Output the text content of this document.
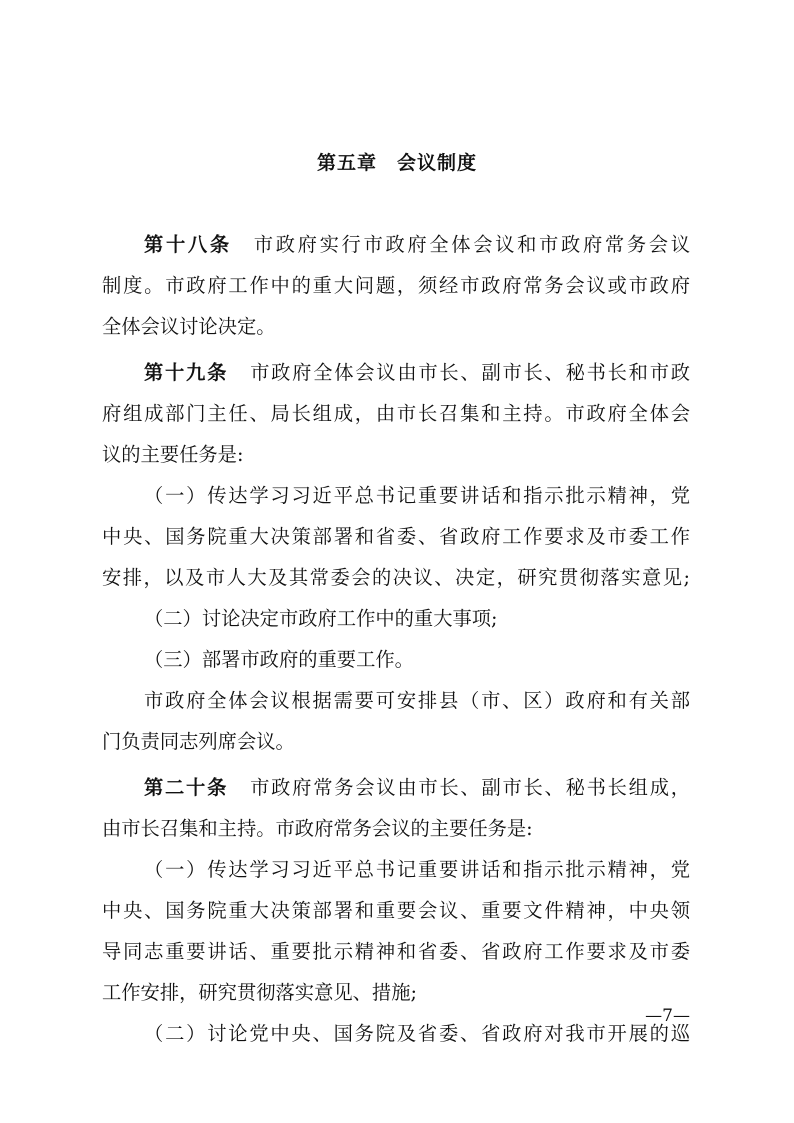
第五章　会议制度
第十八条 市政府实行市政府全体会议和市政府常务会议
制度。市政府工作中的重大问题，须经市政府常务会议或市政府
全体会议讨论决定。
第十九条 市政府全体会议由市长、副市长、秘书长和市政
府组成部门主任、局长组成，由市长召集和主持。市政府全体会
议的主要任务是:
（一）传达学习习近平总书记重要讲话和指示批示精神，党
中央、国务院重大决策部署和省委、省政府工作要求及市委工作
安排，以及市人大及其常委会的决议、决定，研究贯彻落实意见;
（二）讨论决定市政府工作中的重大事项;
（三）部署市政府的重要工作。
市政府全体会议根据需要可安排县（市、区）政府和有关部
门负责同志列席会议。
第二十条 市政府常务会议由市长、副市长、秘书长组成，
由市长召集和主持。市政府常务会议的主要任务是:
（一）传达学习习近平总书记重要讲话和指示批示精神，党
中央、国务院重大决策部署和重要会议、重要文件精神，中央领
导同志重要讲话、重要批示精神和省委、省政府工作要求及市委
工作安排，研究贯彻落实意见、措施;
（二）讨论党中央、国务院及省委、省政府对我市开展的巡
—7—
